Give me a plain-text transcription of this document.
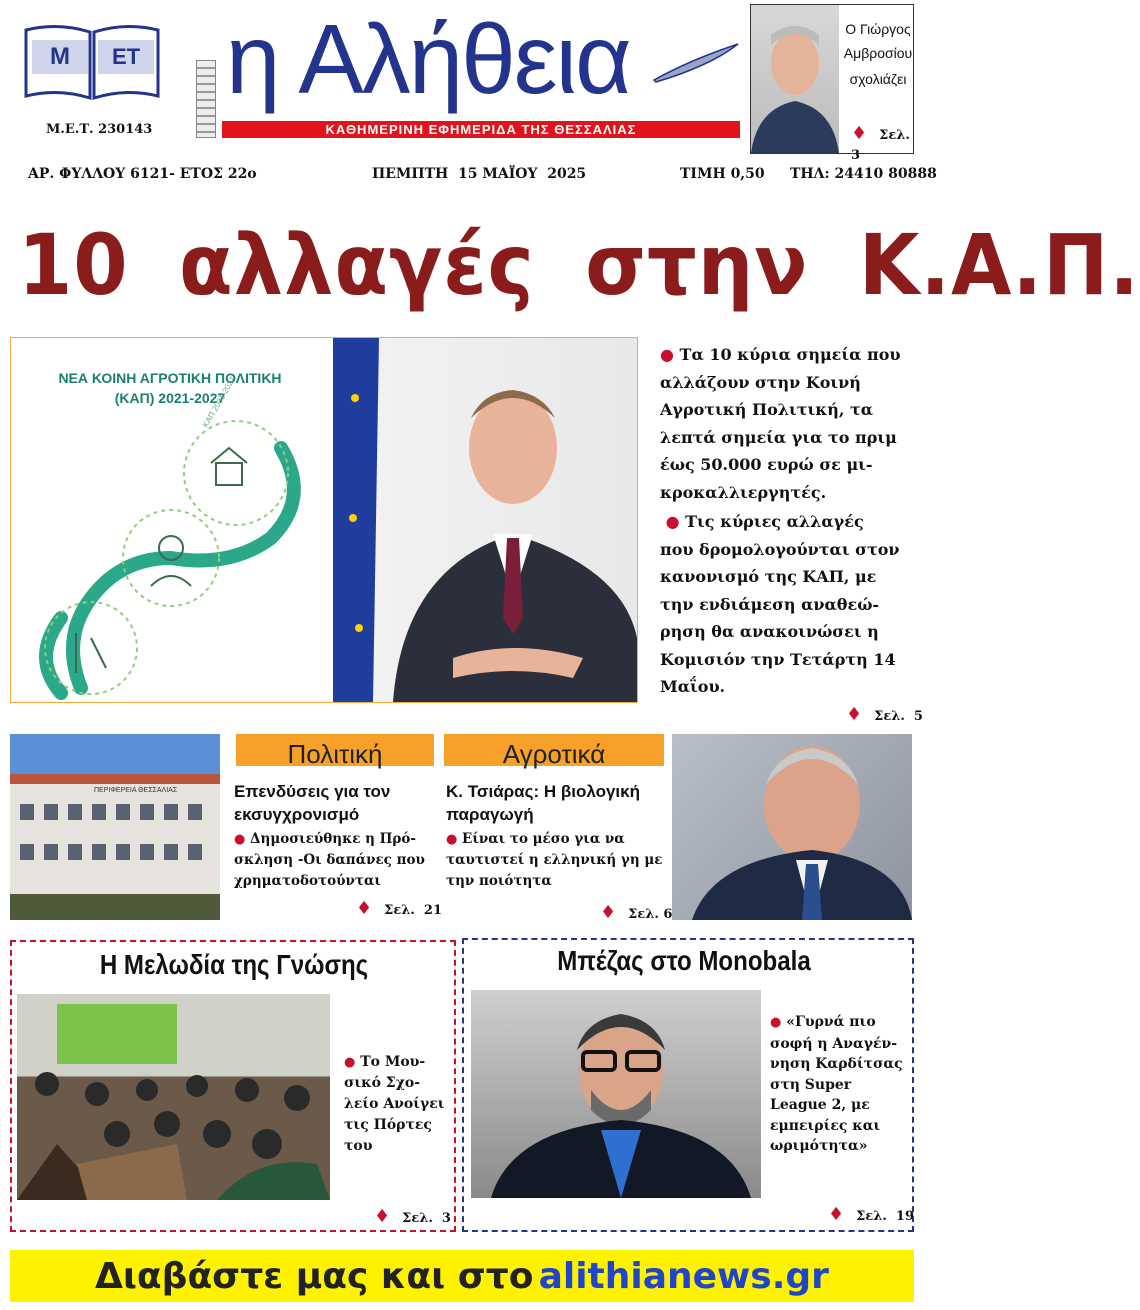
Μ	ΕΤ
Μ.Ε.Τ. 230143
η Αλήθεια
ΚΑΘΗΜΕΡΙΝΗ ΕΦΗΜΕΡΙΔΑ ΤΗΣ ΘΕΣΣΑΛΙΑΣ
Ο Γιώργος
Αμβροσίου
σχολιάζει
♦ Σελ. 3
ΑΡ. ΦΥΛΛΟΥ 6121- ΕΤΟΣ 22ο	ΠΕΜΠΤΗ  15 ΜΑΪΟΥ  2025	ΤΙΜΗ 0,50 ΤΗΛ: 24410 80888
10 αλλαγές στην Κ.Α.Π.
ΝΕΑ ΚΟΙΝΗ ΑΓΡΟΤΙΚΗ ΠΟΛΙΤΙΚΗ
(ΚΑΠ) 2021-2027
ΚΑΠ 2021-2027
● Τα 10 κύρια σημεία που
αλλάζουν στην Κοινή
Αγροτική Πολιτική, τα
λεπτά σημεία για το πριμ
έως 50.000 ευρώ σε μι-
κροκαλλιεργητές.
● Τις κύριες αλλαγές
που δρομολογούνται στον
κανονισμό της ΚΑΠ, με
την ενδιάμεση αναθεώ-
ρηση θα ανακοινώσει η
Κομισιόν την Τετάρτη 14
Μαΐου.
♦ Σελ.  5
ΠΕΡΙΦΕΡΕΙΑ ΘΕΣΣΑΛΙΑΣ
Πολιτική
Επενδύσεις για τον
εκσυγχρονισμό
● Δημοσιεύθηκε η Πρό-
σκληση -Οι δαπάνες που
χρηματοδοτούνται
♦ Σελ.  21
Αγροτικά
Κ. Τσιάρας: Η βιολογική
παραγωγή
● Είναι το μέσο για να
ταυτιστεί η ελληνική γη με
την ποιότητα
♦ Σελ. 6
Η Μελωδία της Γνώσης
● Το Μου-
σικό Σχο-
λείο Ανοίγει
τις Πόρτες
του
♦ Σελ.  3
Μπέζας στο Monobala
● «Γυρνά πιο
σοφή η Αναγέν-
νηση Καρδίτσας
στη Super
League 2, με
εμπειρίες και
ωριμότητα»
♦ Σελ.  19
Διαβάστε μας και στο alithianews.gr
